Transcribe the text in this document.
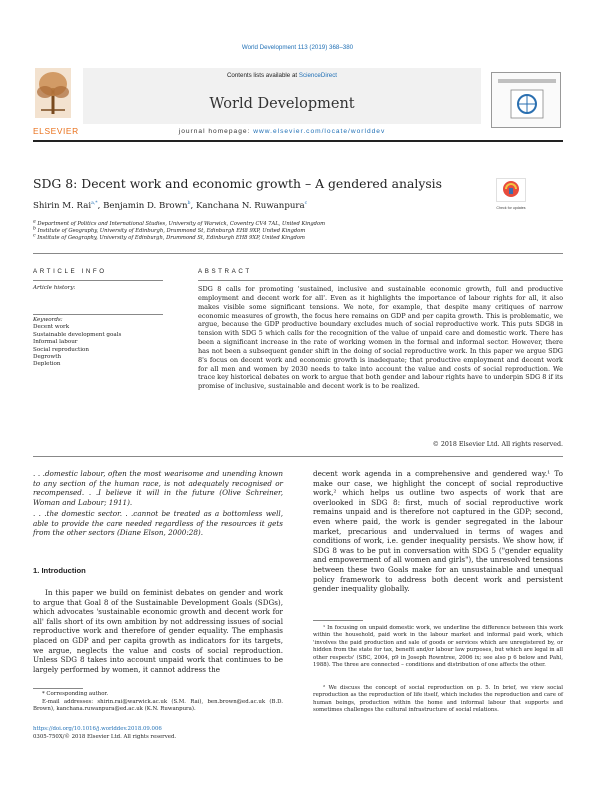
World Development 113 (2019) 368–380
ELSEVIER
Contents lists available at ScienceDirect
World Development
journal homepage: www.elsevier.com/locate/worlddev
SDG 8: Decent work and economic growth – A gendered analysis
Check for updates
Shirin M. Rai$^{a,*}$, Benjamin D. Brown$^b$, Kanchana N. Ruwanpura$^c$
$^a$ Department of Politics and International Studies, University of Warwick, Coventry CV4 7AL, United Kingdom
$^b$ Institute of Geography, University of Edinburgh, Drummond St, Edinburgh EH8 9XP, United Kingdom
$^c$ Institute of Geography, University of Edinburgh, Drummond St, Edinburgh EH8 9XP, United Kingdom
ARTICLE INFO
Article history:
Keywords:
Decent work
Sustainable development goals
Informal labour
Social reproduction
Degrowth
Depletion
ABSTRACT
SDG 8 calls for promoting 'sustained, inclusive and sustainable economic growth, full and productive employment and decent work for all'. Even as it highlights the importance of labour rights for all, it also makes visible some significant tensions. We note, for example, that despite many critiques of narrow economic measures of growth, the focus here remains on GDP and per capita growth. This is problematic, we argue, because the GDP productive boundary excludes much of social reproductive work. This puts SDG8 in tension with SDG 5 which calls for the recognition of the value of unpaid care and domestic work. There has been a significant increase in the rate of working women in the formal and informal sector. However, there has not been a subsequent gender shift in the doing of social reproductive work. In this paper we argue SDG 8's focus on decent work and economic growth is inadequate; that productive employment and decent work for all men and women by 2030 needs to take into account the value and costs of social reproduction. We trace key historical debates on work to argue that both gender and labour rights have to underpin SDG 8 if its promise of inclusive, sustainable and decent work is to be realized.
© 2018 Elsevier Ltd. All rights reserved.
. . .domestic labour, often the most wearisome and unending known to any section of the human race, is not adequately recognised or recompensed. . .I believe it will in the future (Olive Schreiner, Woman and Labour; 1911).
. . .the domestic sector. . .cannot be treated as a bottomless well, able to provide the care needed regardless of the resources it gets from the other sectors (Diane Elson, 2000:28).
1. Introduction
In this paper we build on feminist debates on gender and work to argue that Goal 8 of the Sustainable Development Goals (SDGs), which advocates 'sustainable economic growth and decent work for all' falls short of its own ambition by not addressing issues of social reproductive work and therefore of gender equality. The emphasis placed on GDP and per capita growth as indicators for its targets, we argue, neglects the value and costs of social reproduction. Unless SDG 8 takes into account unpaid work that continues to be largely performed by women, it cannot address the
* Corresponding author.
E-mail addresses: shirin.rai@warwick.ac.uk (S.M. Rai), ben.brown@ed.ac.uk (B.D. Brown), kanchana.ruwanpura@ed.ac.uk (K.N. Ruwanpura).
https://doi.org/10.1016/j.worlddev.2018.09.006
0305-750X/© 2018 Elsevier Ltd. All rights reserved.
decent work agenda in a comprehensive and gendered way.¹ To make our case, we highlight the concept of social reproductive work,² which helps us outline two aspects of work that are overlooked in SDG 8: first, much of social reproductive work remains unpaid and is therefore not captured in the GDP; second, even where paid, the work is gender segregated in the labour market, precarious and undervalued in terms of wages and conditions of work, i.e. gender inequality persists. We show how, if SDG 8 was to be put in conversation with SDG 5 ("gender equality and empowerment of all women and girls"), the unresolved tensions between these two Goals make for an unsustainable and unequal policy framework to address both decent work and persistent gender inequality globally.
¹ In focusing on unpaid domestic work, we underline the difference between this work within the household, paid work in the labour market and informal paid work, which 'involves the paid production and sale of goods or services which are unregistered by, or hidden from the state for tax, benefit and/or labour law purposes, but which are legal in all other respects' (SBC, 2004, p9 in Joseph Rowntree, 2006 ix; see also p 6 below and Pahl, 1988). The three are connected – conditions and distribution of one affects the other.
² We discuss the concept of social reproduction on p. 5. In brief, we view social reproduction as the reproduction of life itself, which includes the reproduction and care of human beings, production within the home and informal labour that supports and sometimes challenges the cultural infrastructure of social relations.
